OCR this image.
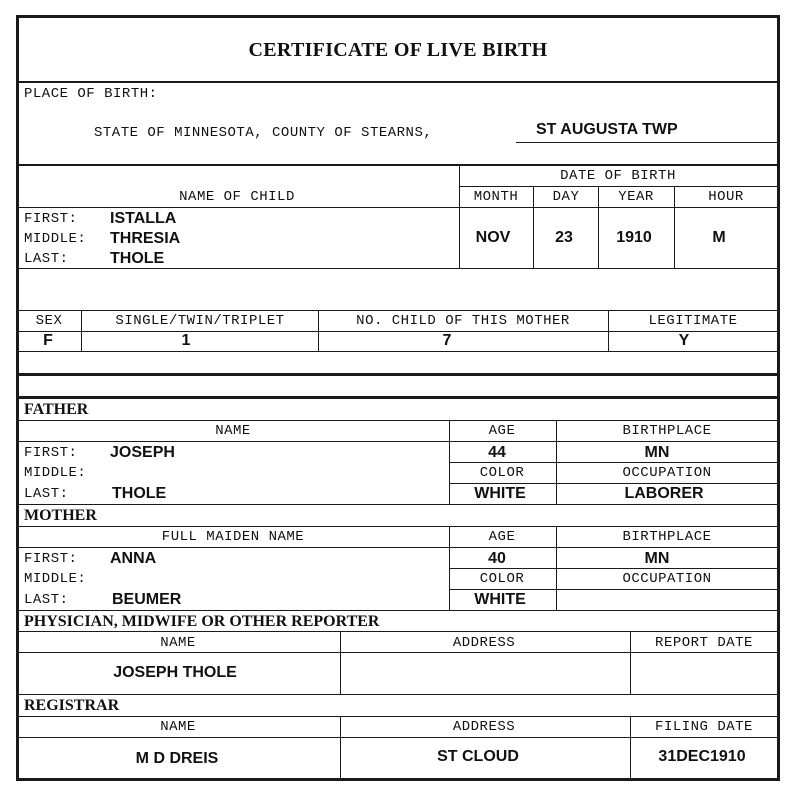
CERTIFICATE OF LIVE BIRTH
PLACE OF BIRTH:
STATE OF MINNESOTA, COUNTY OF STEARNS,	ST AUGUSTA TWP
DATE OF BIRTH
NAME OF CHILD	MONTH DAY	YEAR	HOUR
FIRST: ISTALLA
MIDDLE: THRESIA
LAST:	THOLE
NOV	23	1910	M
SEX	SINGLE/TWIN/TRIPLET	NO. CHILD OF THIS MOTHER	LEGITIMATE
F	1	7	Y
FATHER
NAME	AGE	BIRTHPLACE
FIRST: JOSEPH	44	MN
MIDDLE:	COLOR	OCCUPATION
LAST:	THOLE	WHITE	LABORER
MOTHER
FULL MAIDEN NAME	AGE	BIRTHPLACE
FIRST: ANNA	40	MN
MIDDLE:	COLOR	OCCUPATION
LAST:	BEUMER	WHITE
PHYSICIAN, MIDWIFE OR OTHER REPORTER
NAME	ADDRESS	REPORT DATE
JOSEPH THOLE
REGISTRAR
NAME	ADDRESS	FILING DATE
M D DREIS	ST CLOUD	31DEC1910
